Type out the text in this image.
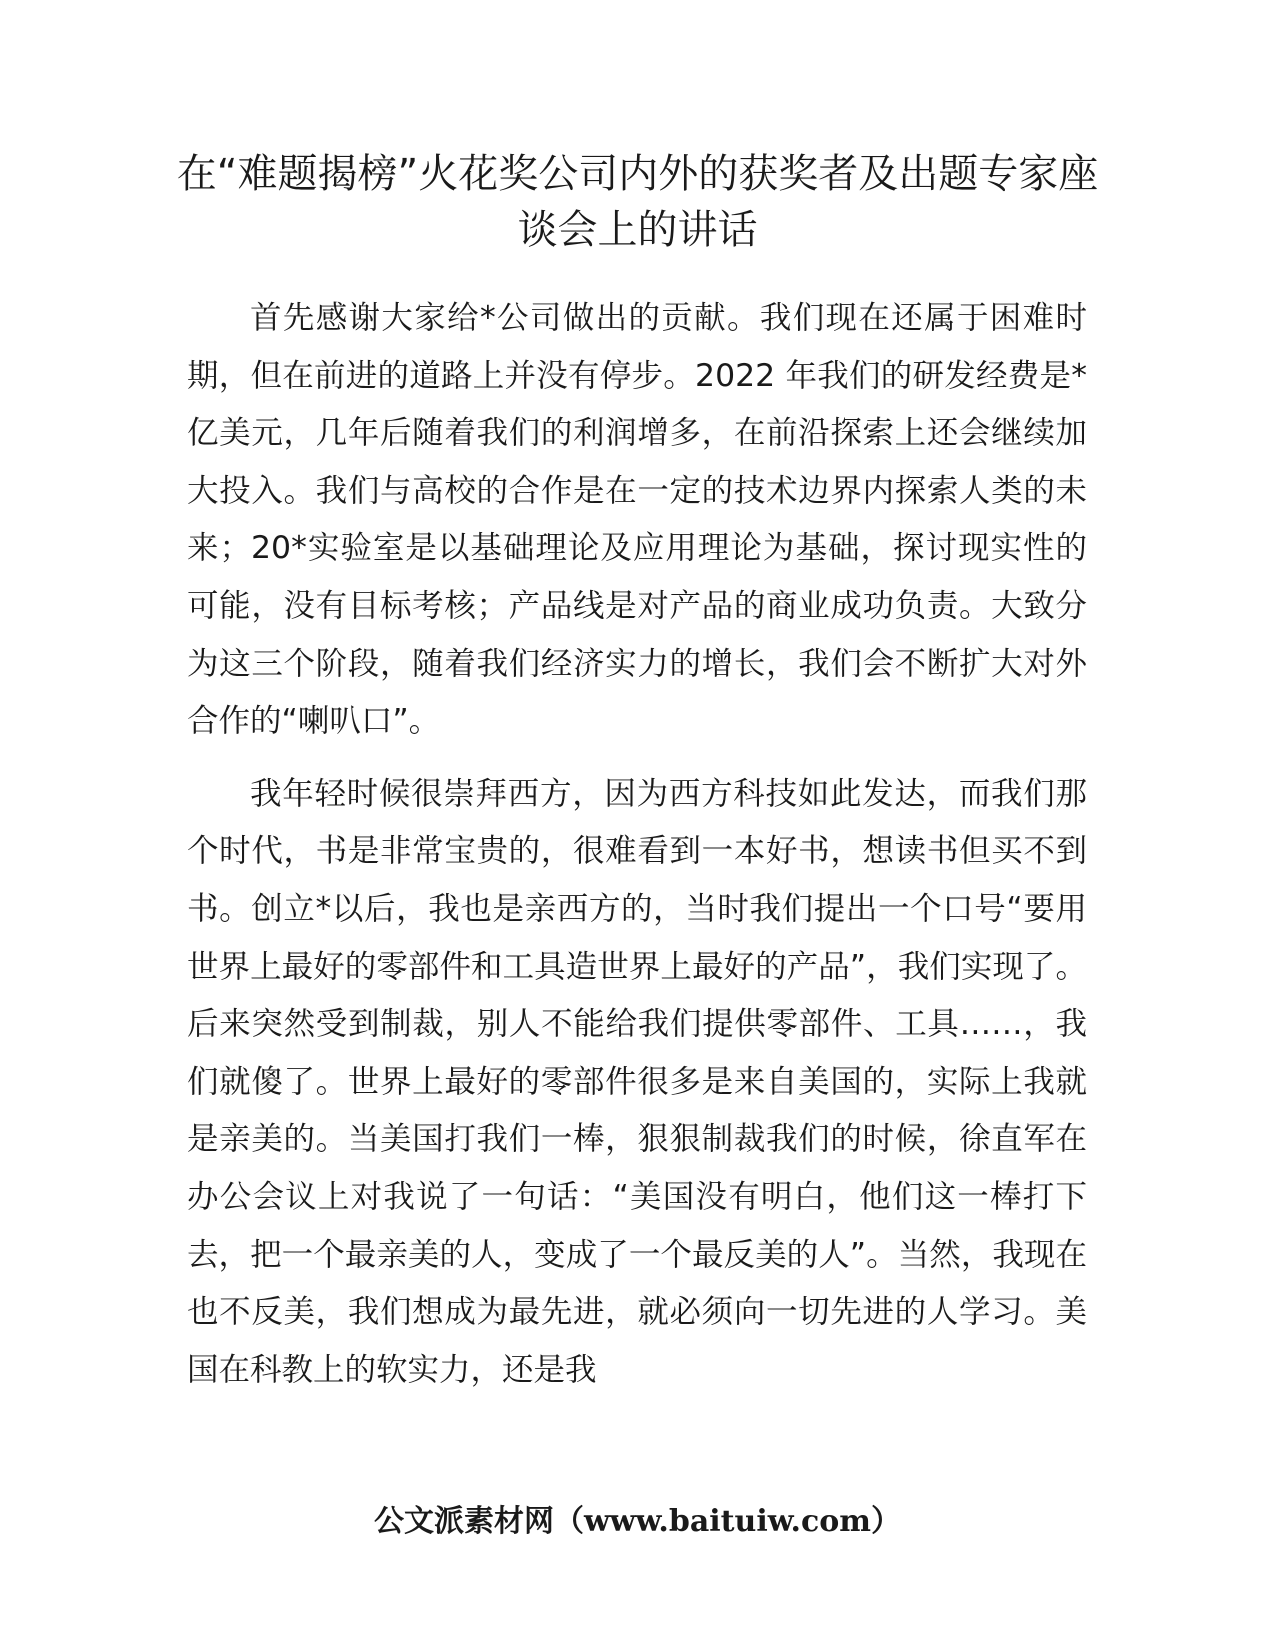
在“难题揭榜”火花奖公司内外的获奖者及出题专家座谈会上的讲话

首先感谢大家给*公司做出的贡献。我们现在还属于困难时期，但在前进的道路上并没有停步。2022 年我们的研发经费是*亿美元，几年后随着我们的利润增多，在前沿探索上还会继续加大投入。我们与高校的合作是在一定的技术边界内探索人类的未来；20*实验室是以基础理论及应用理论为基础，探讨现实性的可能，没有目标考核；产品线是对产品的商业成功负责。大致分为这三个阶段，随着我们经济实力的增长，我们会不断扩大对外合作的“喇叭口”。

我年轻时候很崇拜西方，因为西方科技如此发达，而我们那个时代，书是非常宝贵的，很难看到一本好书，想读书但买不到书。创立*以后，我也是亲西方的，当时我们提出一个口号“要用世界上最好的零部件和工具造世界上最好的产品”，我们实现了。后来突然受到制裁，别人不能给我们提供零部件、工具……，我们就傻了。世界上最好的零部件很多是来自美国的，实际上我就是亲美的。当美国打我们一棒，狠狠制裁我们的时候，徐直军在办公会议上对我说了一句话：“美国没有明白，他们这一棒打下去，把一个最亲美的人，变成了一个最反美的人”。当然，我现在也不反美，我们想成为最先进，就必须向一切先进的人学习。美国在科教上的软实力，还是我

公文派素材网（www.baituiw.com）
